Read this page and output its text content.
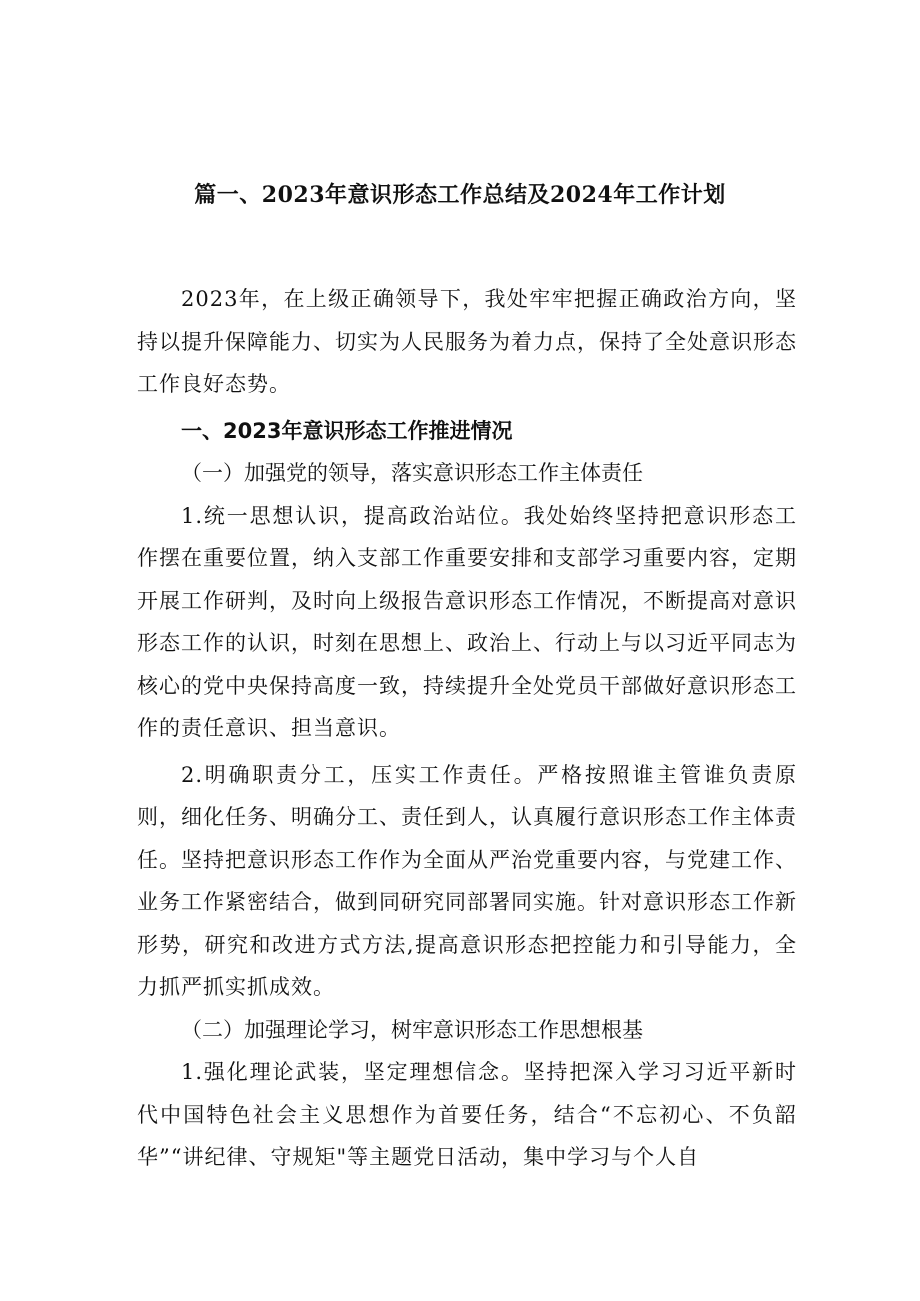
篇一、2023年意识形态工作总结及2024年工作计划

2023年，在上级正确领导下，我处牢牢把握正确政治方向，坚持以提升保障能力、切实为人民服务为着力点，保持了全处意识形态工作良好态势。

一、2023年意识形态工作推进情况

（一）加强党的领导，落实意识形态工作主体责任

1.统一思想认识，提高政治站位。我处始终坚持把意识形态工作摆在重要位置，纳入支部工作重要安排和支部学习重要内容，定期开展工作研判，及时向上级报告意识形态工作情况，不断提高对意识形态工作的认识，时刻在思想上、政治上、行动上与以习近平同志为核心的党中央保持高度一致，持续提升全处党员干部做好意识形态工作的责任意识、担当意识。

2.明确职责分工，压实工作责任。严格按照谁主管谁负责原则，细化任务、明确分工、责任到人，认真履行意识形态工作主体责任。坚持把意识形态工作作为全面从严治党重要内容，与党建工作、业务工作紧密结合，做到同研究同部署同实施。针对意识形态工作新形势，研究和改进方式方法,提高意识形态把控能力和引导能力，全力抓严抓实抓成效。

（二）加强理论学习，树牢意识形态工作思想根基

1.强化理论武装，坚定理想信念。坚持把深入学习习近平新时代中国特色社会主义思想作为首要任务，结合“不忘初心、不负韶华”“讲纪律、守规矩"等主题党日活动，集中学习与个人自
